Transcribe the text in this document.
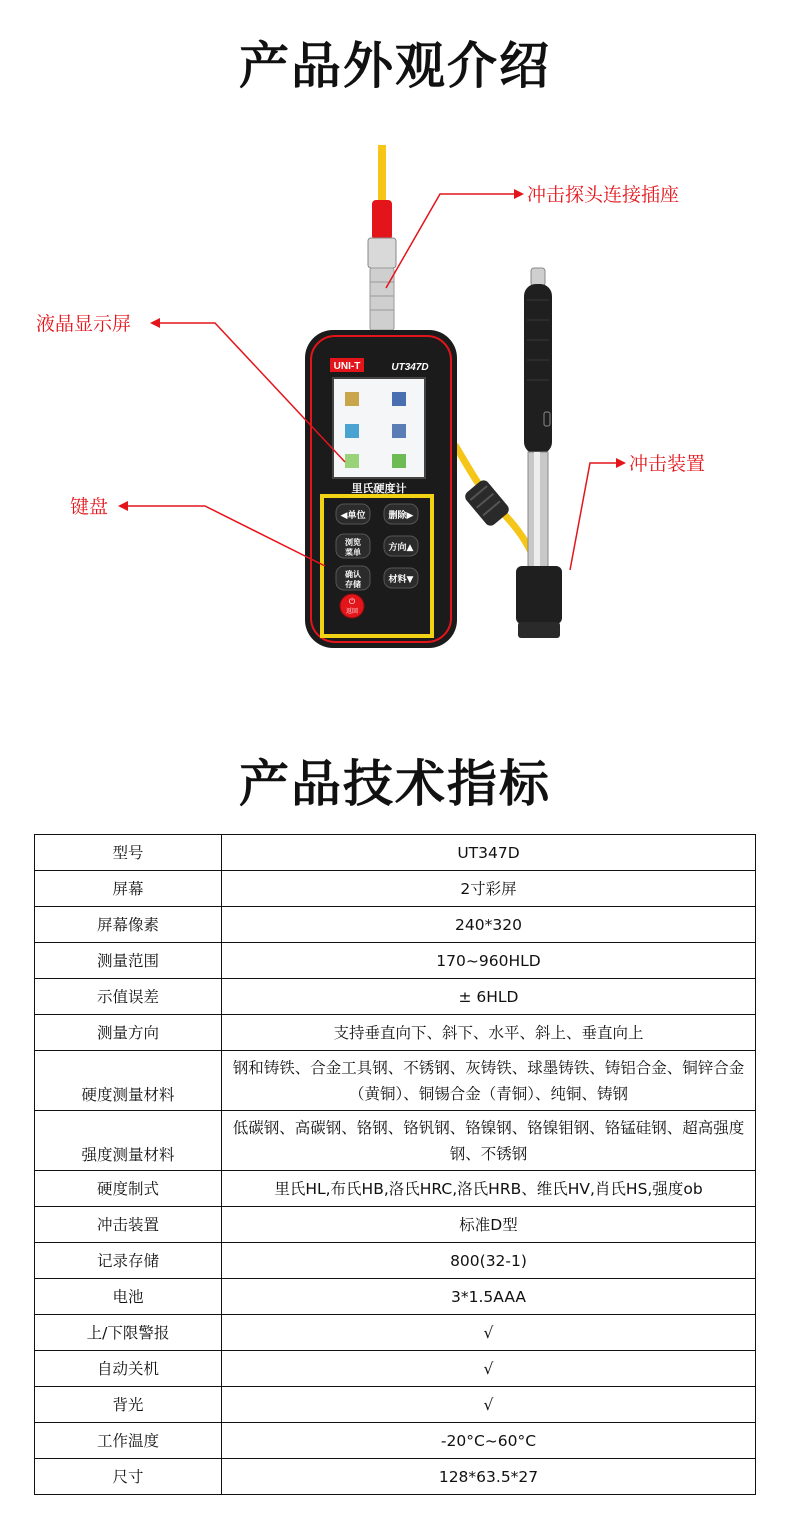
产品外观介绍
UNI-T	UT347D
里氏硬度计
◀单位	删除▶
浏览
菜单	方向▲
确认
存储	材料▼
⏻
返回
冲击探头连接插座
液晶显示屏
冲击装置
键盘
产品技术指标
型号	UT347D
屏幕	2寸彩屏
屏幕像素	240*320
测量范围	170~960HLD
示值误差	± 6HLD
测量方向	支持垂直向下、斜下、水平、斜上、垂直向上
硬度测量材料	钢和铸铁、合金工具钢、不锈钢、灰铸铁、球墨铸铁、铸铝合金、铜锌合金（黄铜）、铜锡合金（青铜）、纯铜、铸钢
强度测量材料	低碳钢、高碳钢、铬钢、铬钒钢、铬镍钢、铬镍钼钢、铬锰硅钢、超高强度钢、不锈钢
硬度制式	里氏HL,布氏HB,洛氏HRC,洛氏HRB、维氏HV,肖氏HS,强度ob
冲击装置	标准D型
记录存储	800(32-1)
电池	3*1.5AAA
上/下限警报	√
自动关机	√
背光	√
工作温度	-20°C~60°C
尺寸	128*63.5*27
